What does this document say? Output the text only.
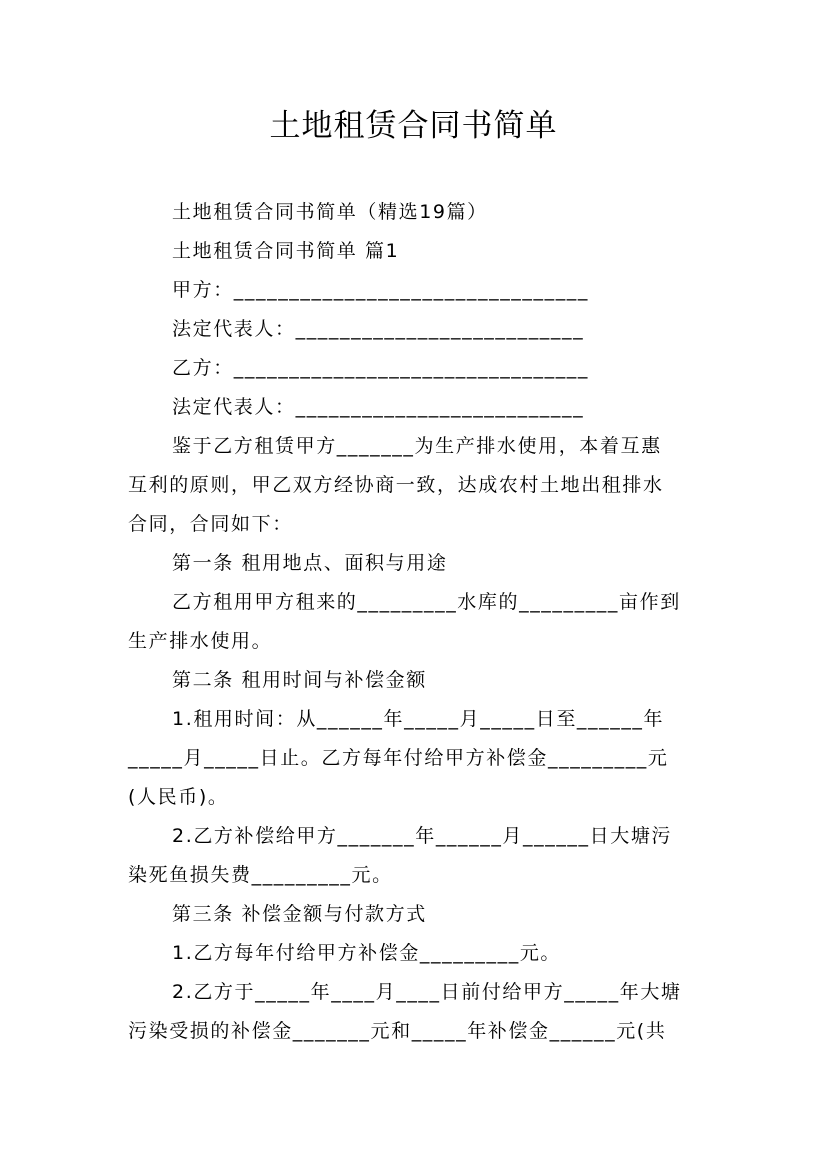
土地租赁合同书简单
土地租赁合同书简单（精选19篇）
土地租赁合同书简单 篇1
甲方：________________________________
法定代表人：__________________________
乙方：________________________________
法定代表人：__________________________
鉴于乙方租赁甲方_______为生产排水使用，本着互惠
互利的原则，甲乙双方经协商一致，达成农村土地出租排水
合同，合同如下：
第一条 租用地点、面积与用途
乙方租用甲方租来的_________水库的_________亩作到
生产排水使用。
第二条 租用时间与补偿金额
1.租用时间：从______年_____月_____日至______年
_____月_____日止。乙方每年付给甲方补偿金_________元
(人民币)。
2.乙方补偿给甲方_______年______月______日大塘污
染死鱼损失费_________元。
第三条 补偿金额与付款方式
1.乙方每年付给甲方补偿金_________元。
2.乙方于_____年____月____日前付给甲方_____年大塘
污染受损的补偿金_______元和_____年补偿金______元(共
